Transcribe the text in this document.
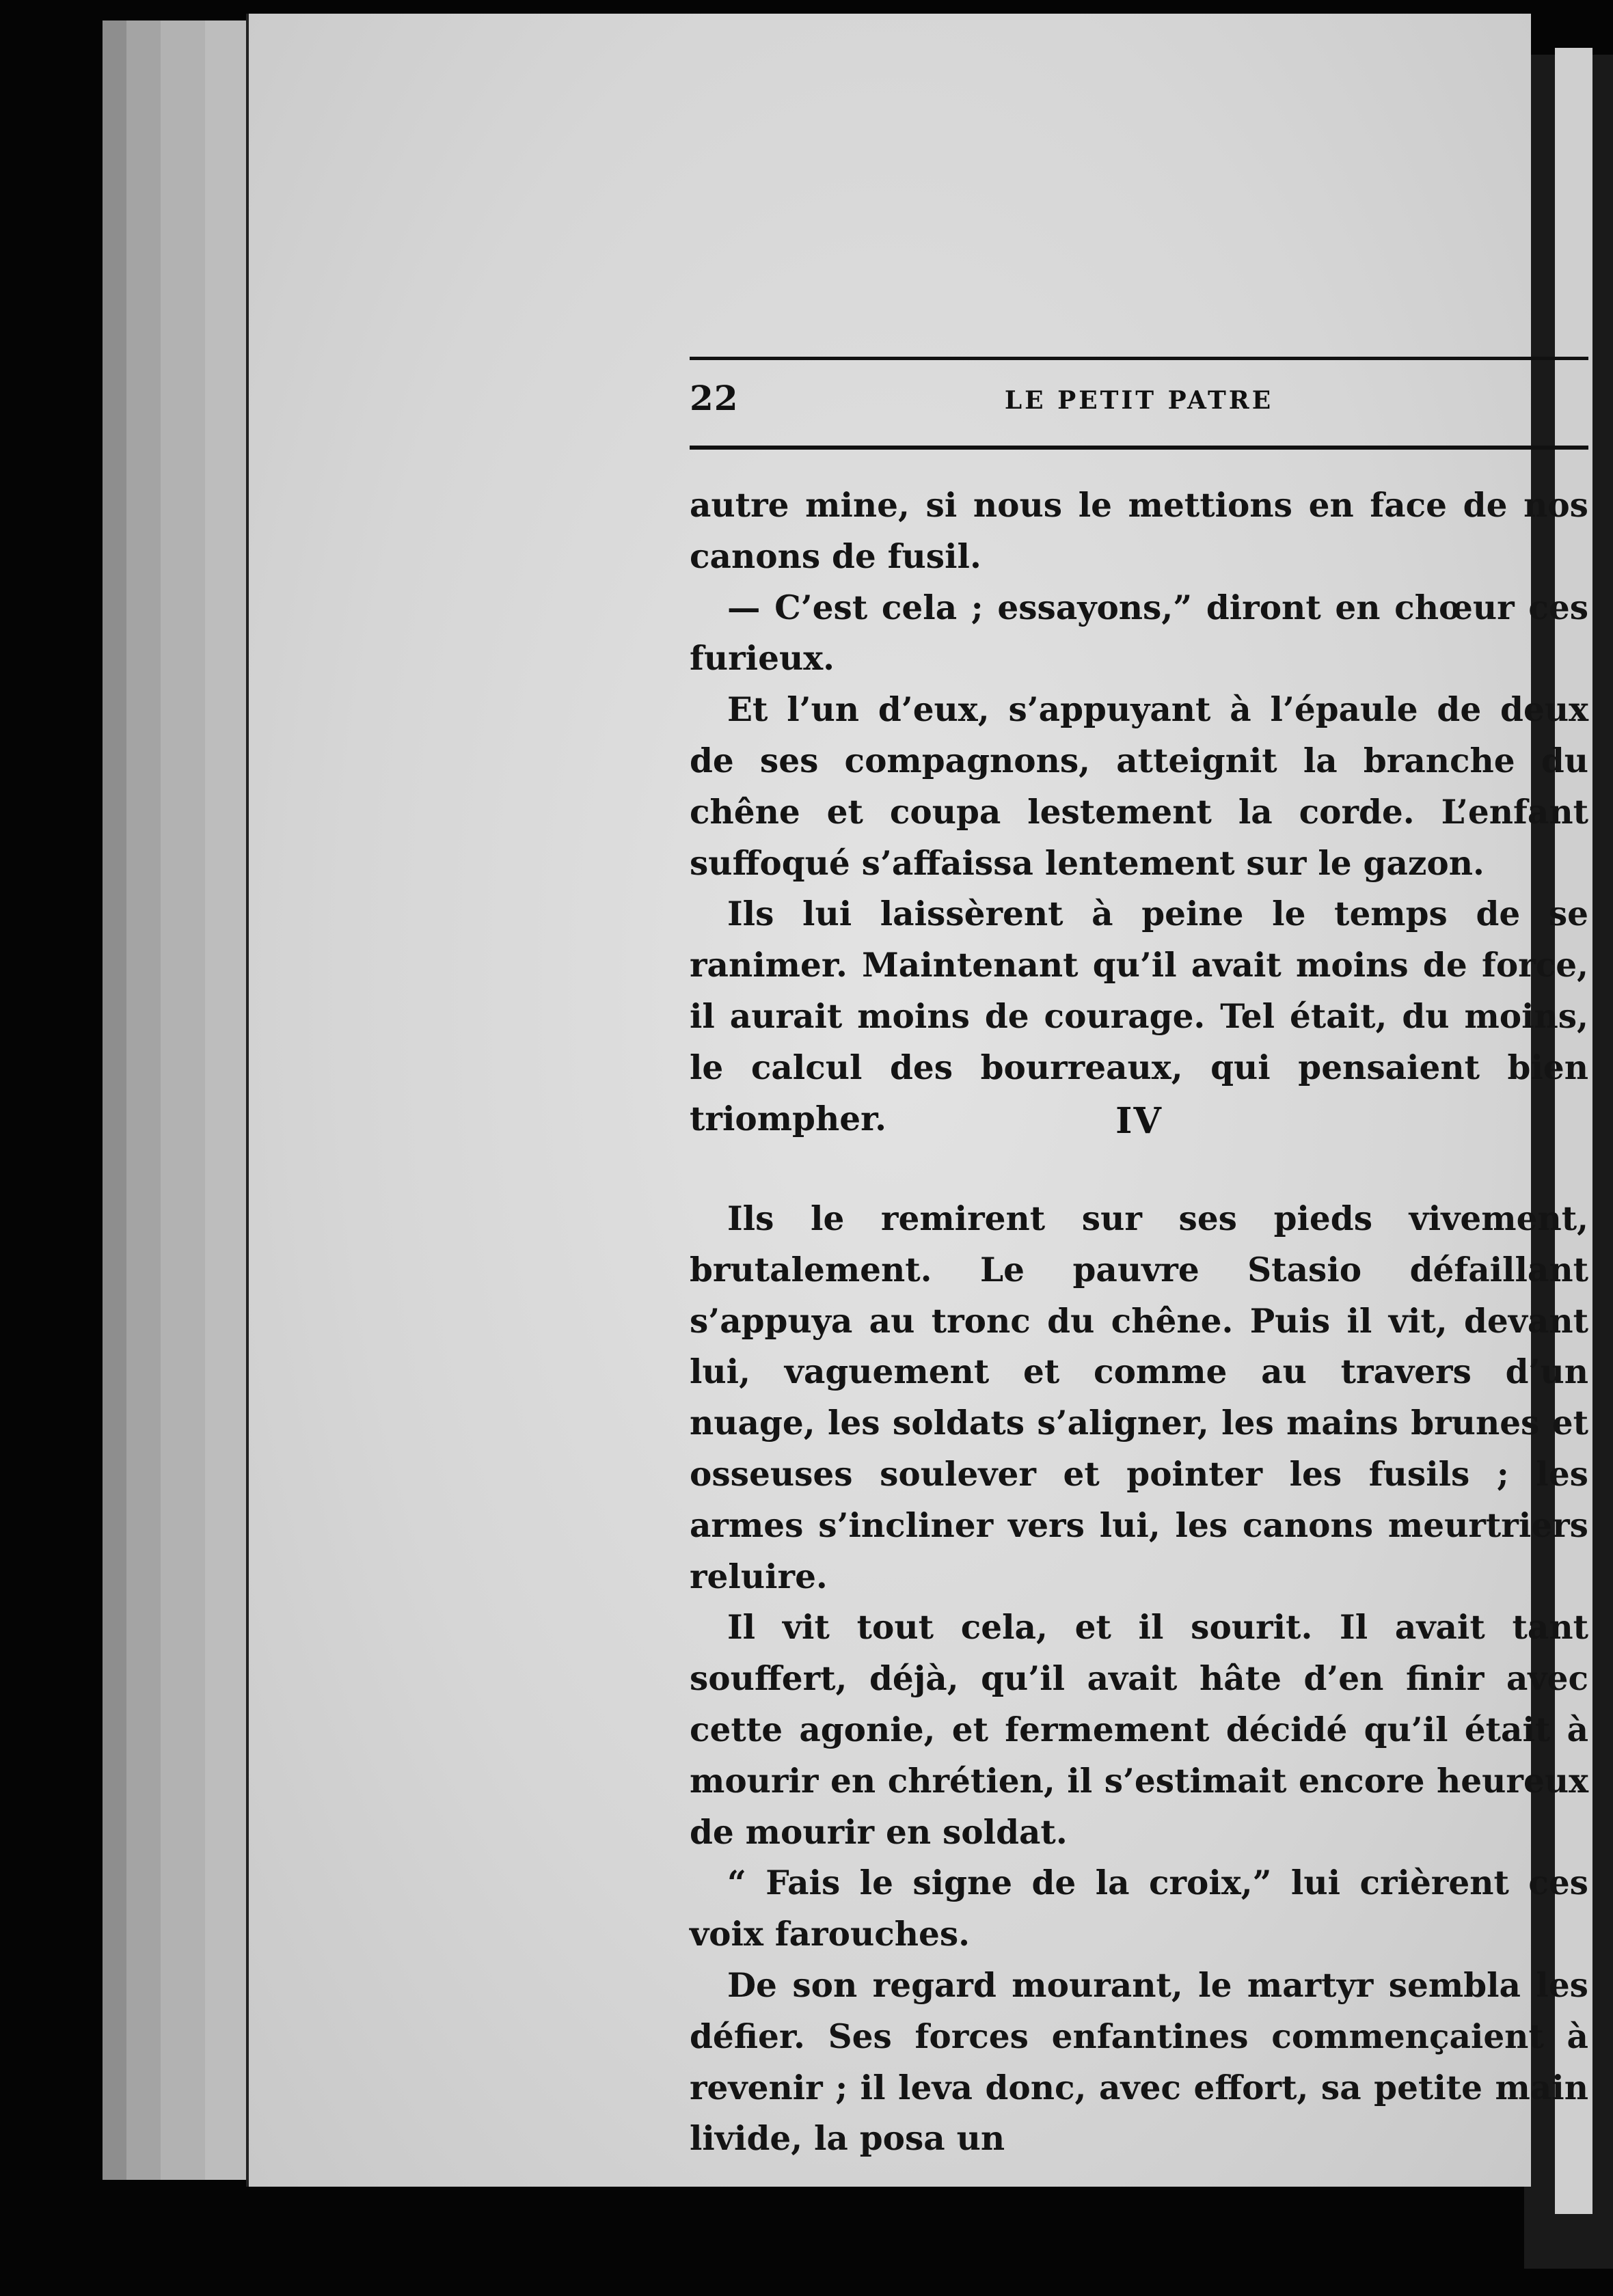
22	LE PETIT PATRE

autre mine, si nous le mettions en face de nos canons de fusil.

— C’est cela ; essayons,” diront en chœur ces furieux.

Et l’un d’eux, s’appuyant à l’épaule de deux de ses compagnons, atteignit la branche du chêne et coupa lestement la corde. L’enfant suffoqué s’affaissa lentement sur le gazon.

Ils lui laissèrent à peine le temps de se ranimer. Maintenant qu’il avait moins de force, il aurait moins de courage. Tel était, du moins, le calcul des bourreaux, qui pensaient bien triompher.	IV

Ils le remirent sur ses pieds vivement, brutalement. Le pauvre Stasio défaillant s’appuya au tronc du chêne. Puis il vit, devant lui, vaguement et comme au travers d’un nuage, les soldats s’aligner, les mains brunes et osseuses soulever et pointer les fusils ; les armes s’incliner vers lui, les canons meurtriers reluire.

Il vit tout cela, et il sourit. Il avait tant souffert, déjà, qu’il avait hâte d’en finir avec cette agonie, et fermement décidé qu’il était à mourir en chrétien, il s’estimait encore heureux de mourir en soldat.

“ Fais le signe de la croix,” lui crièrent ces voix farouches.

De son regard mourant, le martyr sembla les défier. Ses forces enfantines commençaient à revenir ; il leva donc, avec effort, sa petite main livide, la posa un
